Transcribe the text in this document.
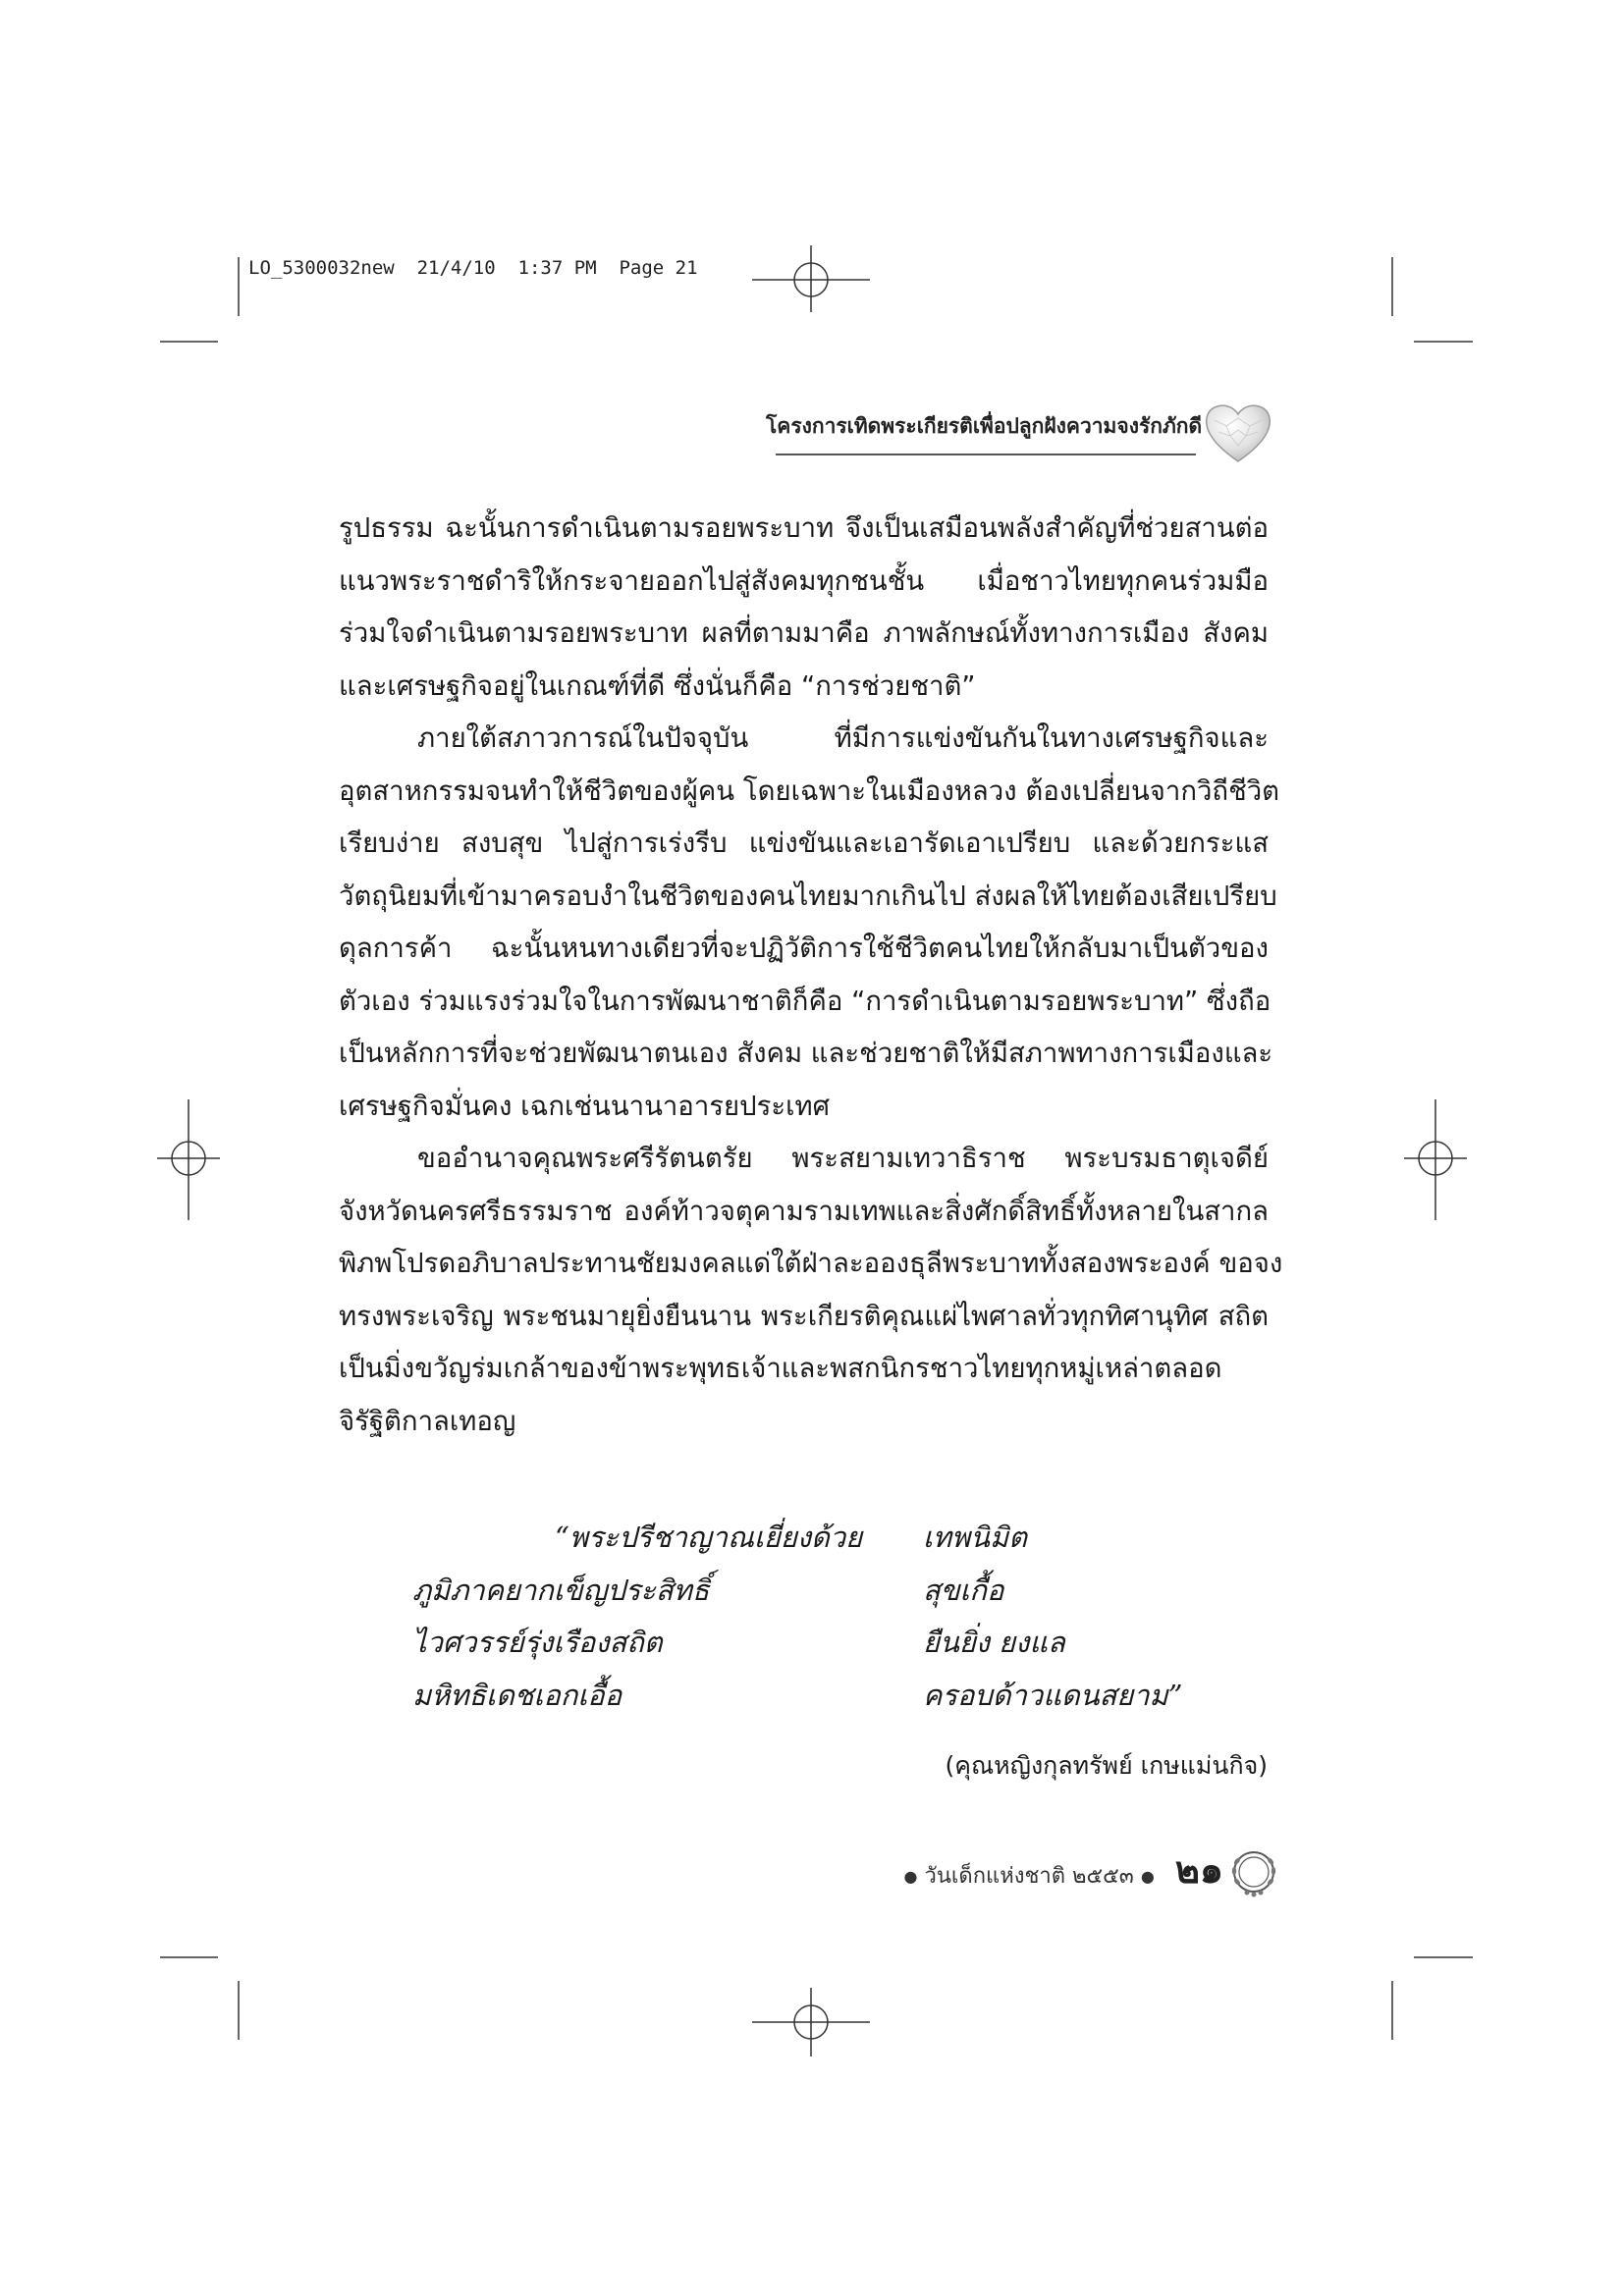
LO_5300032new  21/4/10  1:37 PM  Page 21
โครงการเทิดพระเกียรติเพื่อปลูกฝังความจงรักภักดี
รูปธรรม ฉะนั้นการดำเนินตามรอยพระบาท จึงเป็นเสมือนพลังสำคัญที่ช่วยสานต่อ
แนวพระราชดำริให้กระจายออกไปสู่สังคมทุกชนชั้น เมื่อชาวไทยทุกคนร่วมมือ
ร่วมใจดำเนินตามรอยพระบาท ผลที่ตามมาคือ ภาพลักษณ์ทั้งทางการเมือง สังคม
และเศรษฐกิจอยู่ในเกณฑ์ที่ดี ซึ่งนั่นก็คือ “การช่วยชาติ”
ภายใต้สภาวการณ์ในปัจจุบัน ที่มีการแข่งขันกันในทางเศรษฐกิจและ
อุตสาหกรรมจนทำให้ชีวิตของผู้คน โดยเฉพาะในเมืองหลวง ต้องเปลี่ยนจากวิถีชีวิต
เรียบง่าย สงบสุข ไปสู่การเร่งรีบ แข่งขันและเอารัดเอาเปรียบ และด้วยกระแส
วัตถุนิยมที่เข้ามาครอบงำในชีวิตของคนไทยมากเกินไป ส่งผลให้ไทยต้องเสียเปรียบ
ดุลการค้า ฉะนั้นหนทางเดียวที่จะปฏิวัติการใช้ชีวิตคนไทยให้กลับมาเป็นตัวของ
ตัวเอง ร่วมแรงร่วมใจในการพัฒนาชาติก็คือ “การดำเนินตามรอยพระบาท” ซึ่งถือ
เป็นหลักการที่จะช่วยพัฒนาตนเอง สังคม และช่วยชาติให้มีสภาพทางการเมืองและ
เศรษฐกิจมั่นคง เฉกเช่นนานาอารยประเทศ
ขออำนาจคุณพระศรีรัตนตรัย พระสยามเทวาธิราช พระบรมธาตุเจดีย์
จังหวัดนครศรีธรรมราช องค์ท้าวจตุคามรามเทพและสิ่งศักดิ์สิทธิ์ทั้งหลายในสากล
พิภพโปรดอภิบาลประทานชัยมงคลแด่ใต้ฝ่าละอองธุลีพระบาททั้งสองพระองค์ ขอจง
ทรงพระเจริญ พระชนมายุยิ่งยืนนาน พระเกียรติคุณแผ่ไพศาลทั่วทุกทิศานุทิศ สถิต
เป็นมิ่งขวัญร่มเกล้าของข้าพระพุทธเจ้าและพสกนิกรชาวไทยทุกหมู่เหล่าตลอด
จิรัฐิติกาลเทอญ
“พระปรีชาญาณเยี่ยงด้วย เทพนิมิต
ภูมิภาคยากเข็ญประสิทธิ์	สุขเกื้อ
ไวศวรรย์รุ่งเรืองสถิต	ยืนยิ่ง ยงแล
มหิทธิเดชเอกเอื้อ	ครอบด้าวแดนสยาม”
(คุณหญิงกุลทรัพย์ เกษแม่นกิจ)
● วันเด็กแห่งชาติ ๒๕๕๓ ● ๒๑
